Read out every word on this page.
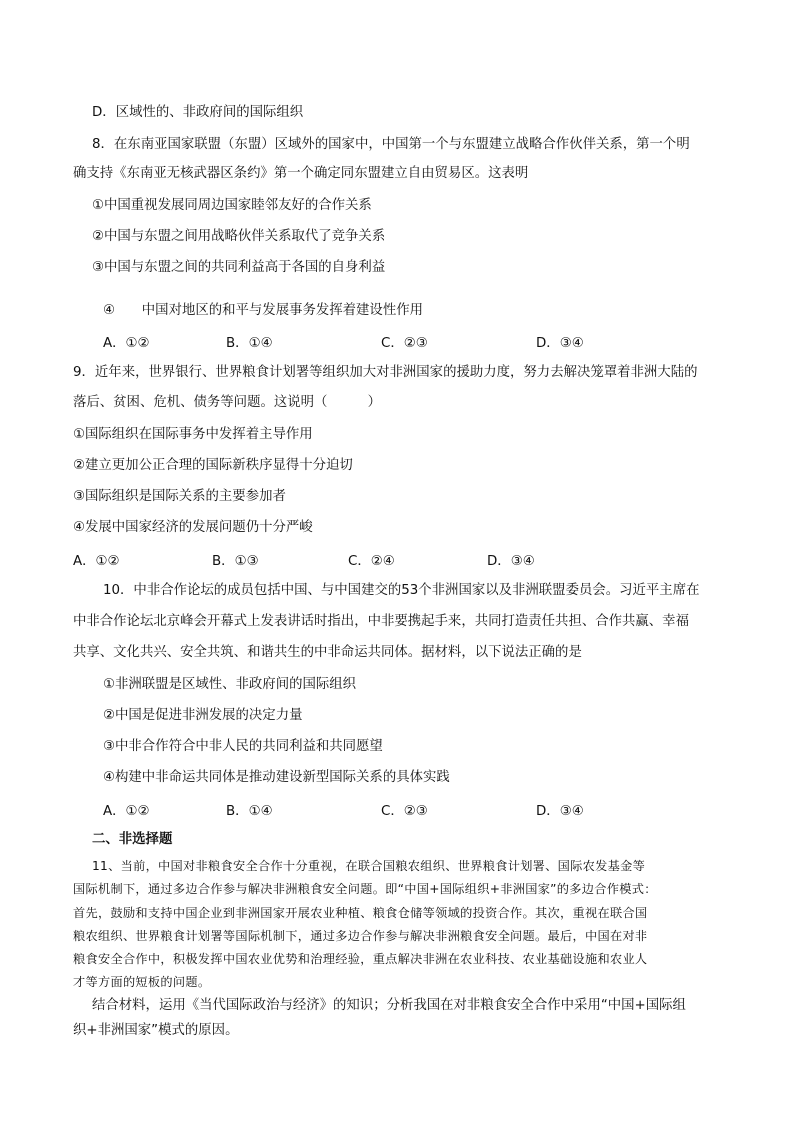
D．区域性的、非政府间的国际组织
8．在东南亚国家联盟（东盟）区域外的国家中，中国第一个与东盟建立战略合作伙伴关系，第一个明
确支持《东南亚无核武器区条约》第一个确定同东盟建立自由贸易区。这表明
①中国重视发展同周边国家睦邻友好的合作关系
②中国与东盟之间用战略伙伴关系取代了竞争关系
③中国与东盟之间的共同利益高于各国的自身利益
④　　中国对地区的和平与发展事务发挥着建设性作用
A．①②	B．①④	C．②③	D．③④
9．近年来，世界银行、世界粮食计划署等组织加大对非洲国家的援助力度，努力去解决笼罩着非洲大陆的
落后、贫困、危机、债务等问题。这说明（　　　）
①国际组织在国际事务中发挥着主导作用
②建立更加公正合理的国际新秩序显得十分迫切
③国际组织是国际关系的主要参加者
④发展中国家经济的发展问题仍十分严峻
A．①②	B．①③	C．②④	D．③④
10．中非合作论坛的成员包括中国、与中国建交的53个非洲国家以及非洲联盟委员会。习近平主席在
中非合作论坛北京峰会开幕式上发表讲话时指出，中非要携起手来，共同打造责任共担、合作共赢、幸福
共享、文化共兴、安全共筑、和谐共生的中非命运共同体。据材料，以下说法正确的是
①非洲联盟是区域性、非政府间的国际组织
②中国是促进非洲发展的决定力量
③中非合作符合中非人民的共同利益和共同愿望
④构建中非命运共同体是推动建设新型国际关系的具体实践
A．①②	B．①④	C．②③	D．③④
二、非选择题
11、当前，中国对非粮食安全合作十分重视，在联合国粮农组织、世界粮食计划署、国际农发基金等
国际机制下，通过多边合作参与解决非洲粮食安全问题。即“中国+国际组织+非洲国家”的多边合作模式：
首先，鼓励和支持中国企业到非洲国家开展农业种植、粮食仓储等领域的投资合作。其次，重视在联合国
粮农组织、世界粮食计划署等国际机制下，通过多边合作参与解决非洲粮食安全问题。最后，中国在对非
粮食安全合作中，积极发挥中国农业优势和治理经验，重点解决非洲在农业科技、农业基础设施和农业人
才等方面的短板的问题。
结合材料，运用《当代国际政治与经济》的知识；分析我国在对非粮食安全合作中采用“中国+国际组
织+非洲国家”模式的原因。
